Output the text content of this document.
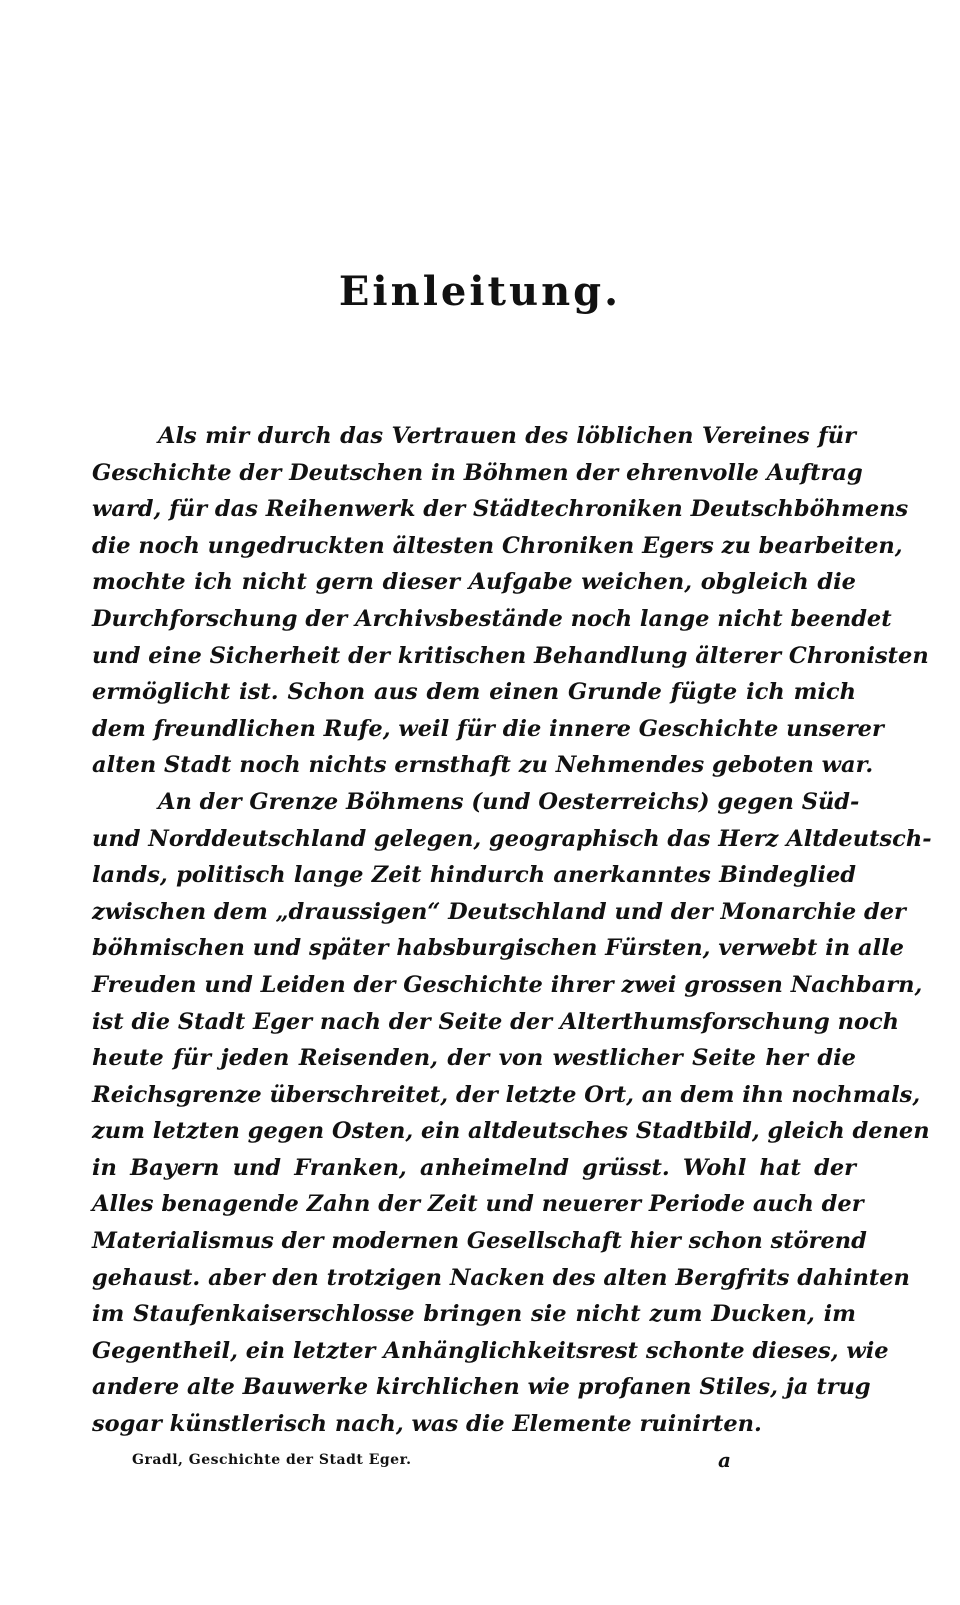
Einleitung.
Als mir durch das Vertrauen des löblichen Vereines für
Geschichte der Deutschen in Böhmen der ehrenvolle Auftrag
ward, für das Reihenwerk der Städtechroniken Deutschböhmens
die noch ungedruckten ältesten Chroniken Egers zu bearbeiten,
mochte ich nicht gern dieser Aufgabe weichen, obgleich die
Durchforschung der Archivsbestände noch lange nicht beendet
und eine Sicherheit der kritischen Behandlung älterer Chronisten
ermöglicht ist. Schon aus dem einen Grunde fügte ich mich
dem freundlichen Rufe, weil für die innere Geschichte unserer
alten Stadt noch nichts ernsthaft zu Nehmendes geboten war.
An der Grenze Böhmens (und Oesterreichs) gegen Süd-
und Norddeutschland gelegen, geographisch das Herz Altdeutsch-
lands, politisch lange Zeit hindurch anerkanntes Bindeglied
zwischen dem „draussigen“ Deutschland und der Monarchie der
böhmischen und später habsburgischen Fürsten, verwebt in alle
Freuden und Leiden der Geschichte ihrer zwei grossen Nachbarn,
ist die Stadt Eger nach der Seite der Alterthumsforschung noch
heute für jeden Reisenden, der von westlicher Seite her die
Reichsgrenze überschreitet, der letzte Ort, an dem ihn nochmals,
zum letzten gegen Osten, ein altdeutsches Stadtbild, gleich denen
in Bayern und Franken, anheimelnd grüsst. Wohl hat der
Alles benagende Zahn der Zeit und neuerer Periode auch der
Materialismus der modernen Gesellschaft hier schon störend
gehaust. aber den trotzigen Nacken des alten Bergfrits dahinten
im Staufenkaiserschlosse bringen sie nicht zum Ducken, im
Gegentheil, ein letzter Anhänglichkeitsrest schonte dieses, wie
andere alte Bauwerke kirchlichen wie profanen Stiles, ja trug
sogar künstlerisch nach, was die Elemente ruinirten.
Gradl, Geschichte der Stadt Eger.	a
